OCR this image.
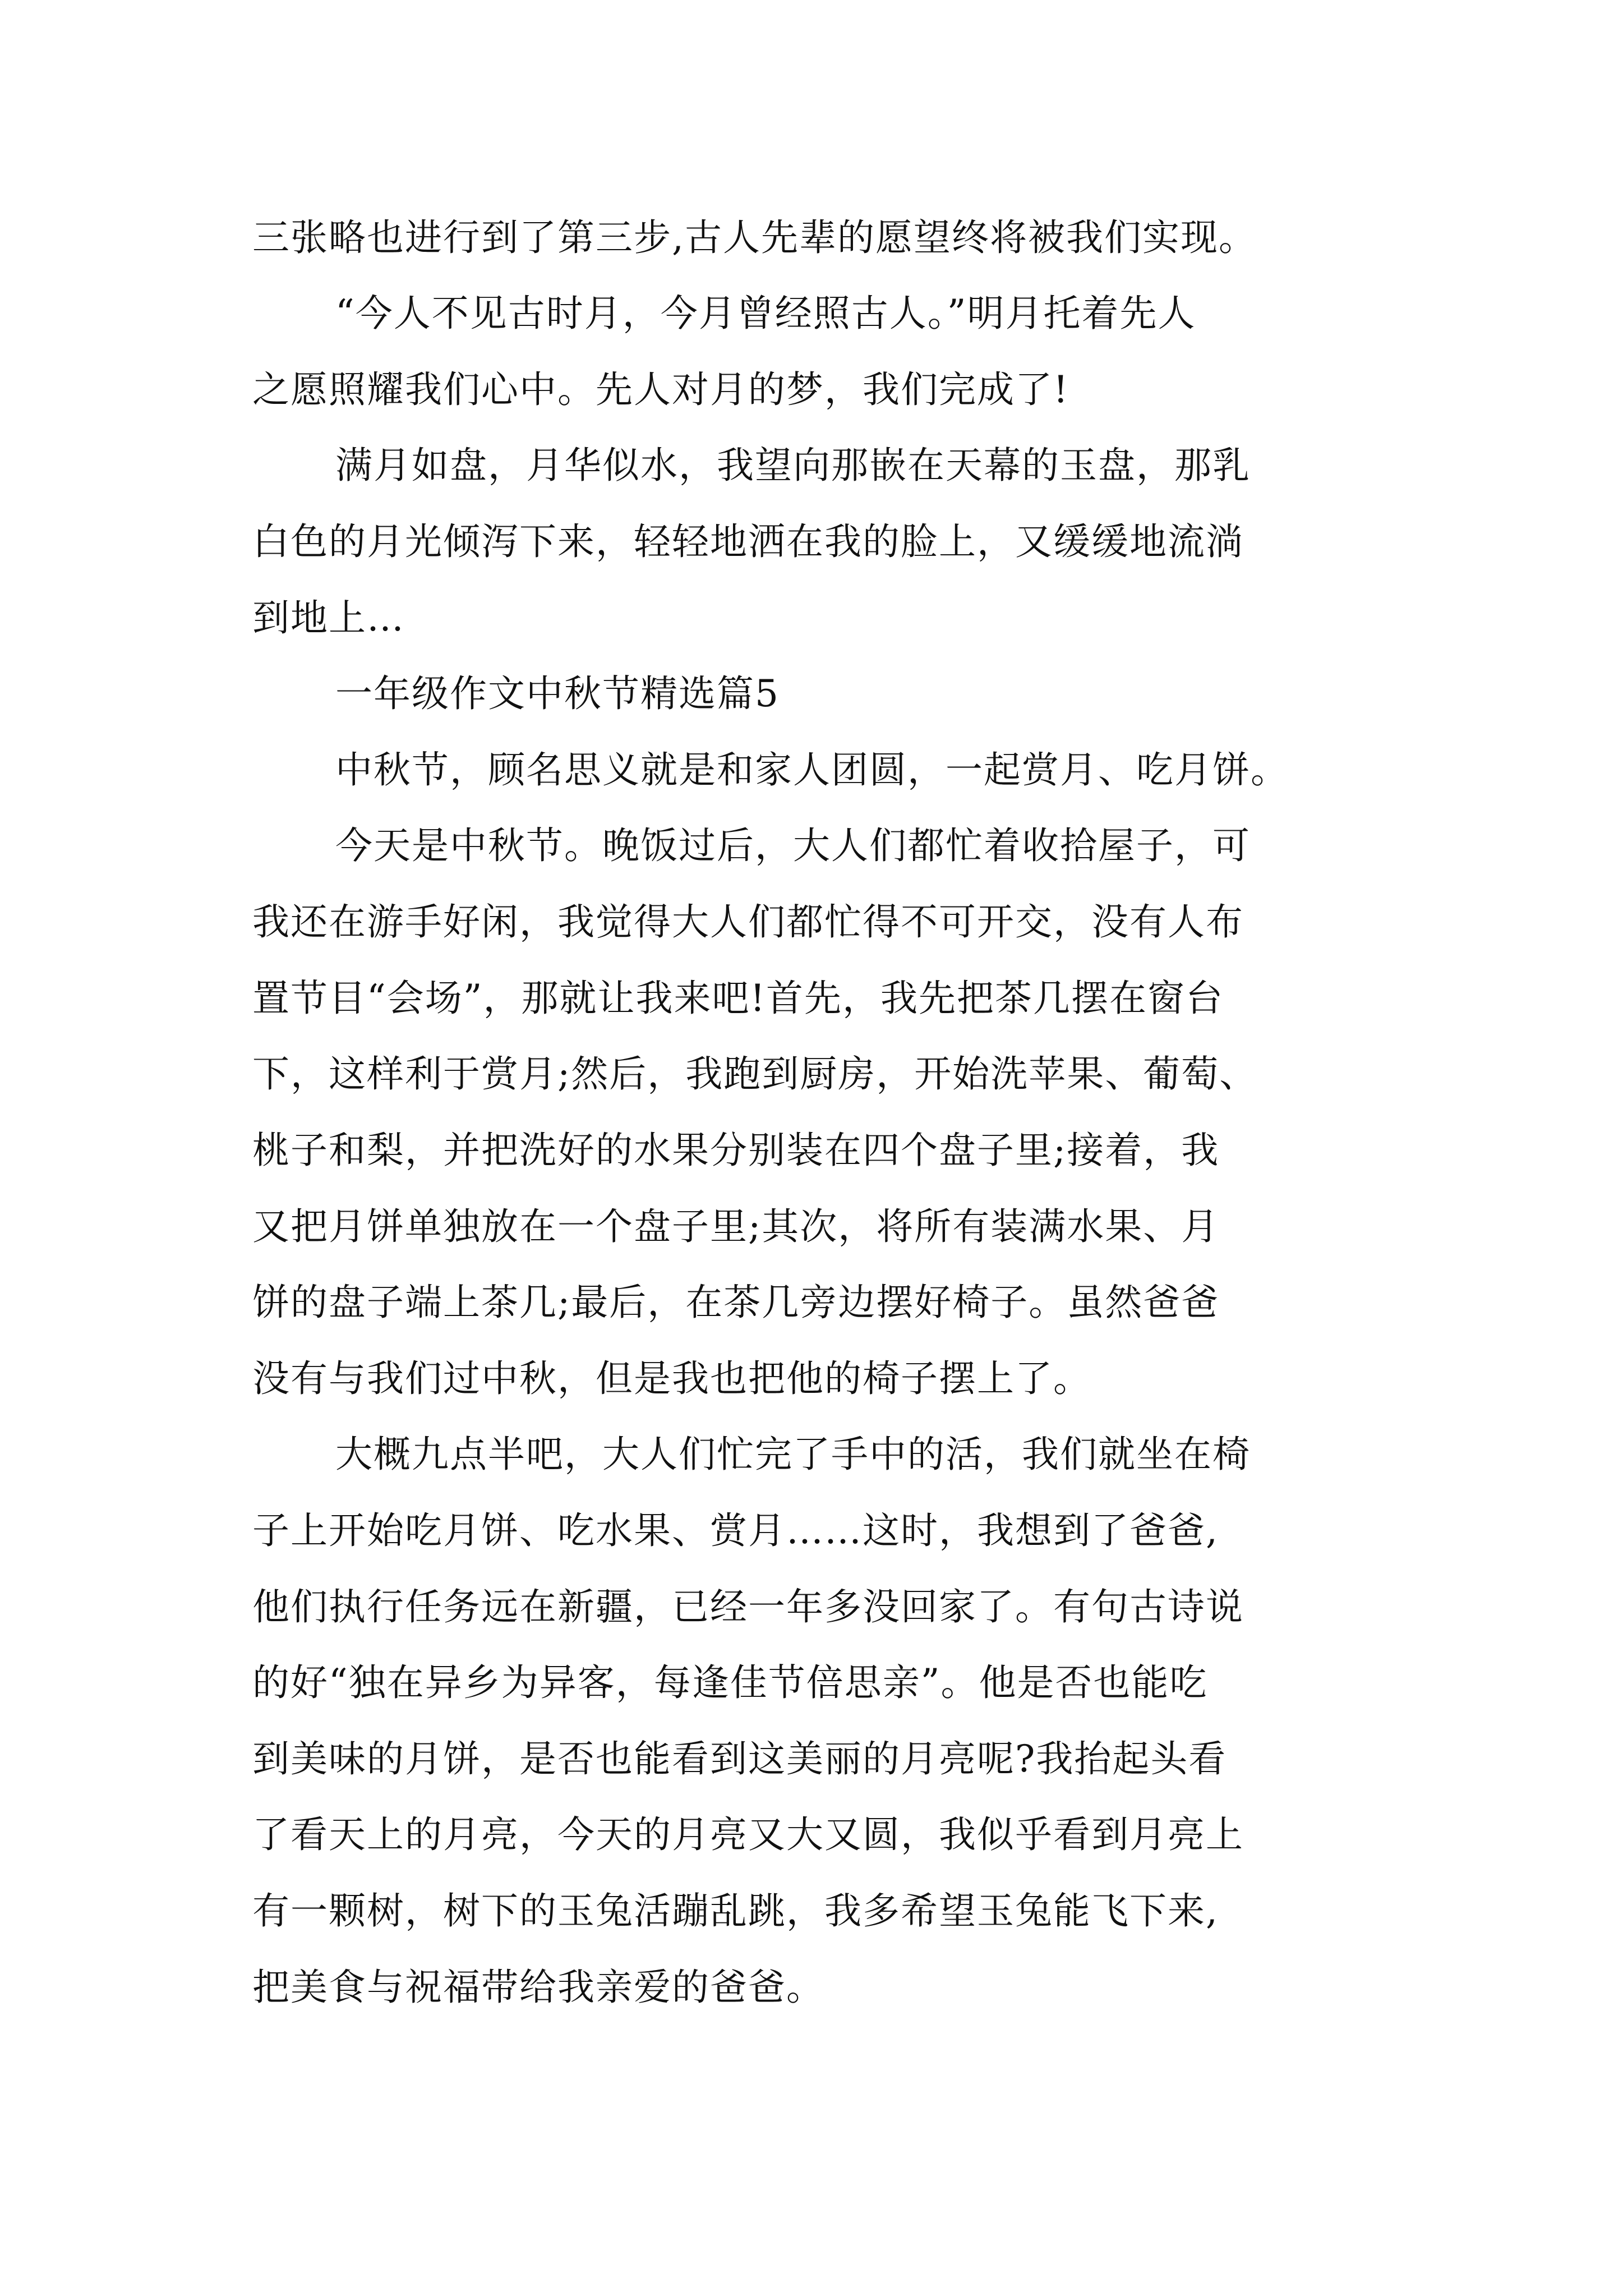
三张略也进行到了第三步,古人先辈的愿望终将被我们实现。
“今人不见古时月，今月曾经照古人。”明月托着先人
之愿照耀我们心中。先人对月的梦，我们完成了!
满月如盘，月华似水，我望向那嵌在天幕的玉盘，那乳
白色的月光倾泻下来，轻轻地洒在我的脸上，又缓缓地流淌
到地上…
一年级作文中秋节精选篇5
中秋节，顾名思义就是和家人团圆，一起赏月、吃月饼。
今天是中秋节。晚饭过后，大人们都忙着收拾屋子，可
我还在游手好闲，我觉得大人们都忙得不可开交，没有人布
置节目“会场”，那就让我来吧!首先，我先把茶几摆在窗台
下，这样利于赏月;然后，我跑到厨房，开始洗苹果、葡萄、
桃子和梨，并把洗好的水果分别装在四个盘子里;接着，我
又把月饼单独放在一个盘子里;其次，将所有装满水果、月
饼的盘子端上茶几;最后，在茶几旁边摆好椅子。虽然爸爸
没有与我们过中秋，但是我也把他的椅子摆上了。
大概九点半吧，大人们忙完了手中的活，我们就坐在椅
子上开始吃月饼、吃水果、赏月……这时，我想到了爸爸,
他们执行任务远在新疆，已经一年多没回家了。有句古诗说
的好“独在异乡为异客，每逢佳节倍思亲”。他是否也能吃
到美味的月饼，是否也能看到这美丽的月亮呢?我抬起头看
了看天上的月亮，今天的月亮又大又圆，我似乎看到月亮上
有一颗树，树下的玉兔活蹦乱跳，我多希望玉兔能飞下来,
把美食与祝福带给我亲爱的爸爸。
